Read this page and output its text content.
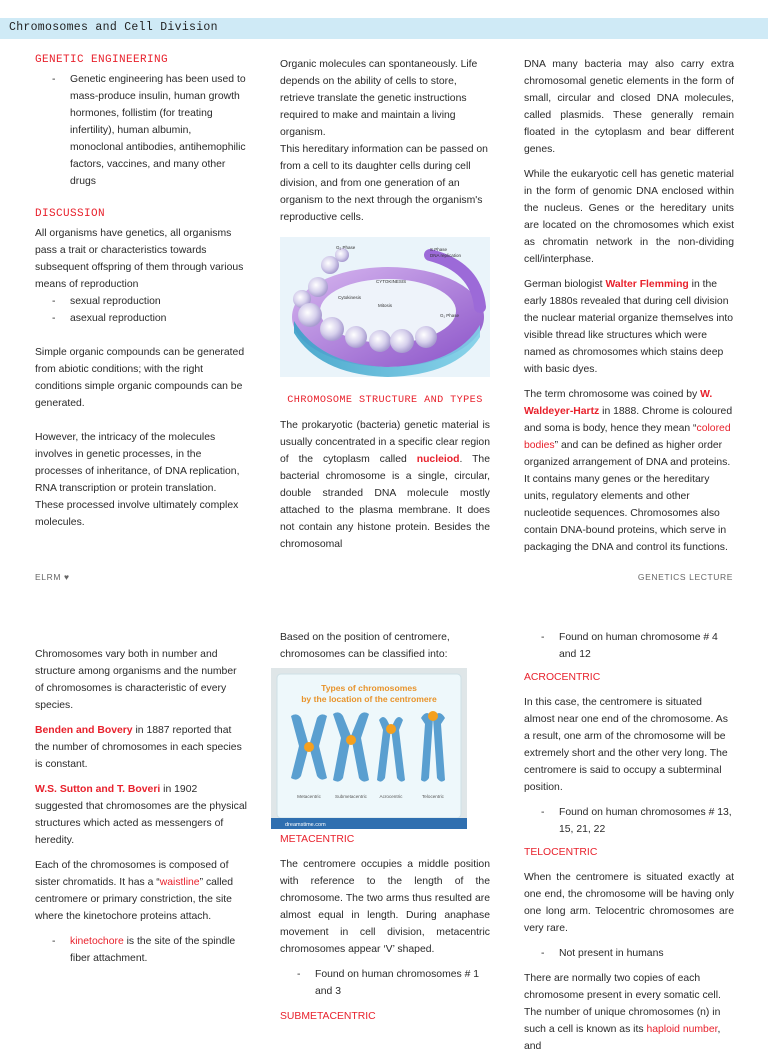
Chromosomes and Cell Division
GENETIC ENGINEERING
- Genetic engineering has been used to mass-produce insulin, human growth hormones, follistim (for treating infertility), human albumin, monoclonal antibodies, antihemophilic factors, vaccines, and many other drugs
DISCUSSION

All organisms have genetics, all organisms pass a trait or characteristics towards subsequent offspring of them through various means of reproduction

- sexual reproduction
- asexual reproduction

Simple organic compounds can be generated from abiotic conditions; with the right conditions simple organic compounds can be generated.

However, the intricacy of the molecules involves in genetic processes, in the processes of inheritance, of DNA replication, RNA transcription or protein translation. These processed involve ultimately complex molecules.

Organic molecules can spontaneously. Life depends on the ability of cells to store, retrieve translate the genetic instructions required to make and maintain a living organism.

This hereditary information can be passed on from a cell to its daughter cells during cell division, and from one generation of an organism to the next through the organism's reproductive cells.

G₂ Phase	S Phase
DNA replication
CYTOKINESIS
Cytokinesis
Mitosis
G₁ Phase
CHROMOSOME STRUCTURE AND TYPES

The prokaryotic (bacteria) genetic material is usually concentrated in a specific clear region of the cytoplasm called nucleiod. The bacterial chromosome is a single, circular, double stranded DNA molecule mostly attached to the plasma membrane. It does not contain any histone protein. Besides the chromosomal

DNA many bacteria may also carry extra chromosomal genetic elements in the form of small, circular and closed DNA molecules, called plasmids. These generally remain floated in the cytoplasm and bear different genes.

While the eukaryotic cell has genetic material in the form of genomic DNA enclosed within the nucleus. Genes or the hereditary units are located on the chromosomes which exist as chromatin network in the non-dividing cell/interphase.

German biologist Walter Flemming in the early 1880s revealed that during cell division the nuclear material organize themselves into visible thread like structures which were named as chromosomes which stains deep with basic dyes.

The term chromosome was coined by W. Waldeyer-Hartz in 1888. Chrome is coloured and soma is body, hence they mean “colored bodies” and can be defined as higher order organized arrangement of DNA and proteins. It contains many genes or the hereditary units, regulatory elements and other nucleotide sequences. Chromosomes also contain DNA-bound proteins, which serve in packaging the DNA and control its functions.

ELRM ♥	GENETICS LECTURE

Chromosomes vary both in number and structure among organisms and the number of chromosomes is characteristic of every species.

Benden and Bovery in 1887 reported that the number of chromosomes in each species is constant.

W.S. Sutton and T. Boveri in 1902 suggested that chromosomes are the physical structures which acted as messengers of heredity.

Each of the chromosomes is composed of sister chromatids. It has a “waistline” called centromere or primary constriction, the site where the kinetochore proteins attach.

- kinetochore is the site of the spindle fiber attachment.

Based on the position of centromere, chromosomes can be classified into:

Types of chromosomes
by the location of the centromere
Metacentric	Submetacentric	Acrocentric	Telocentric
dreamstime.com
METACENTRIC

The centromere occupies a middle position with reference to the length of the chromosome. The two arms thus resulted are almost equal in length. During anaphase movement in cell division, metacentric chromosomes appear ‘V’ shaped.

- Found on human chromosomes # 1 and 3
SUBMETACENTRIC
- Found on human chromosome # 4 and 12
ACROCENTRIC

In this case, the centromere is situated almost near one end of the chromosome. As a result, one arm of the chromosome will be extremely short and the other very long. The centromere is said to occupy a subterminal position.

- Found on human chromosomes # 13, 15, 21, 22
TELOCENTRIC

When the centromere is situated exactly at one end, the chromosome will be having only one long arm. Telocentric chromosomes are very rare.

- Not present in humans

There are normally two copies of each chromosome present in every somatic cell. The number of unique chromosomes (n) in such a cell is known as its haploid number, and
